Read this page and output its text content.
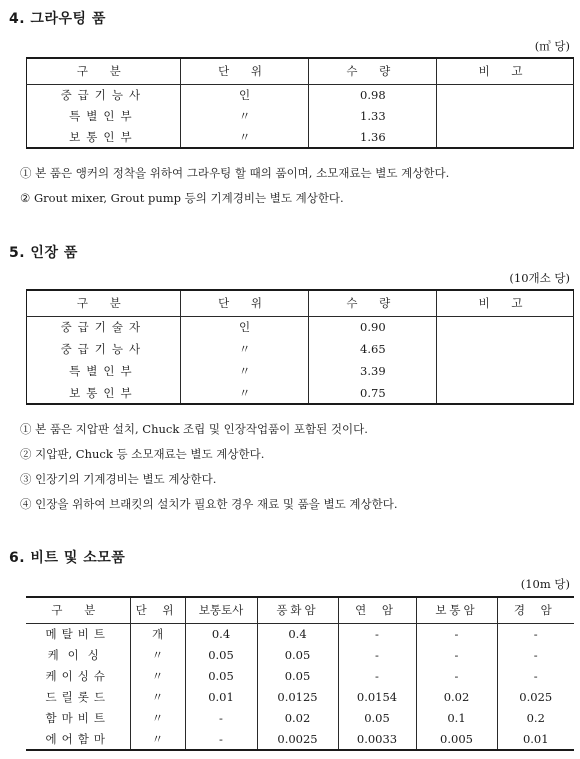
4. 그라우팅 품
(㎥ 당)
구 분	단 위	수 량	비 고
중급기능사	인	0.98	
특별인부	〃	1.33	
보통인부	〃	1.36	
① 본 품은 앵커의 정착을 위하여 그라우팅 할 때의 품이며, 소모재료는 별도 계상한다.
② Grout mixer, Grout pump 등의 기계경비는 별도 계상한다.
5. 인장 품
(10개소 당)
구 분	단 위	수 량	비 고
중급기술자	인	0.90	
중급기능사	〃	4.65	
특별인부	〃	3.39	
보통인부	〃	0.75	
① 본 품은 지압판 설치, Chuck 조립 및 인장작업품이 포함된 것이다.
② 지압판, Chuck 등 소모재료는 별도 계상한다.
③ 인장기의 기계경비는 별도 계상한다.
④ 인장을 위하여 브래킷의 설치가 필요한 경우 재료 및 품을 별도 계상한다.
6. 비트 및 소모품
(10m 당)
구 분	단 위	보통토사	풍화암	연 암	보통암	경 암
메탈비트	개	0.4	0.4	-	-	-
케이싱	〃	0.05	0.05	-	-	-
케이싱슈	〃	0.05	0.05	-	-	-
드릴롯드	〃	0.01	0.0125	0.0154	0.02	0.025
함마비트	〃	-	0.02	0.05	0.1	0.2
에어함마	〃	-	0.0025	0.0033	0.005	0.01
